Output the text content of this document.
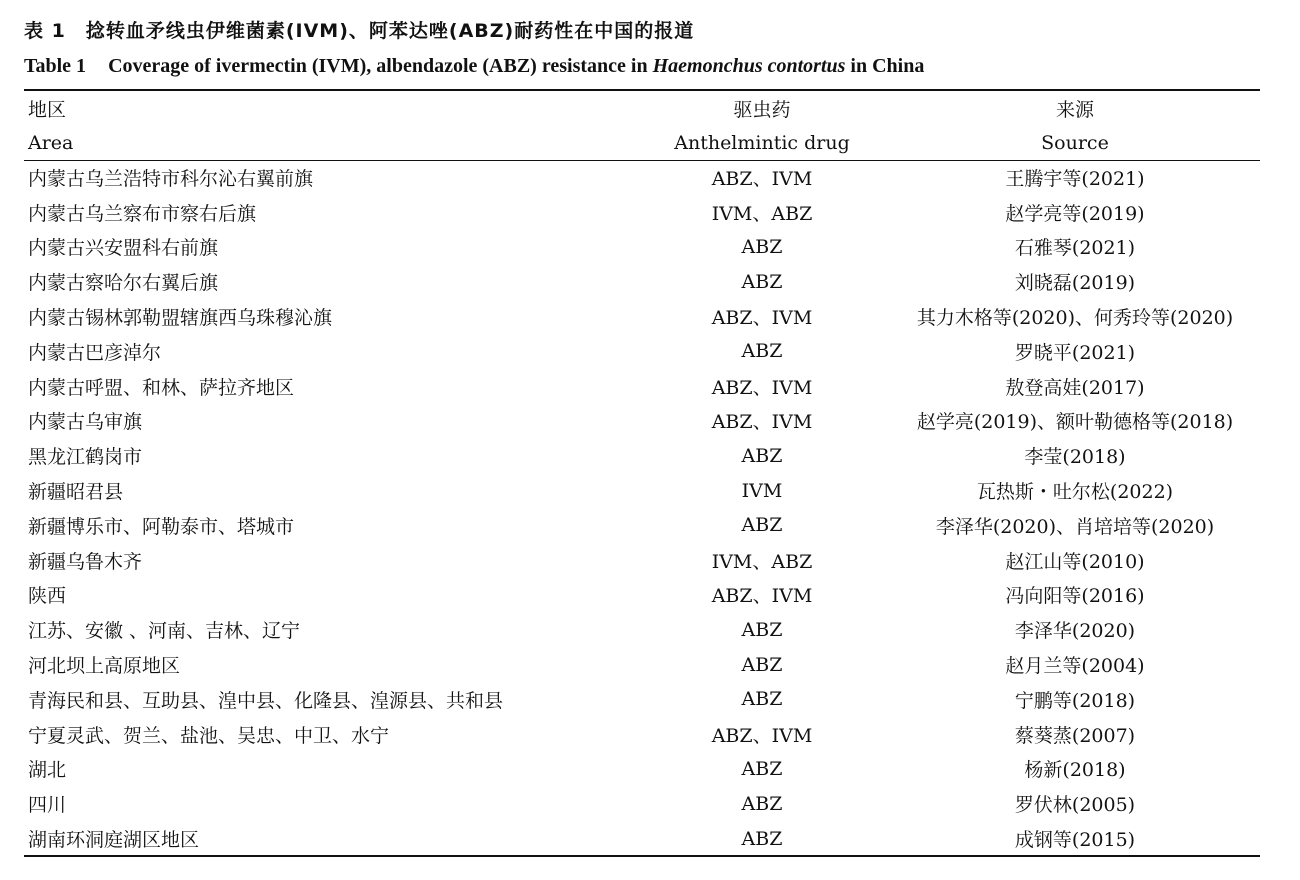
表 1　捻转血矛线虫伊维菌素(IVM)、阿苯达唑(ABZ)耐药性在中国的报道
Table 1 Coverage of ivermectin (IVM), albendazole (ABZ) resistance in Haemonchus contortus in China
地区	驱虫药	来源
Area	Anthelmintic drug	Source
内蒙古乌兰浩特市科尔沁右翼前旗	ABZ、IVM	王腾宇等(2021)
内蒙古乌兰察布市察右后旗	IVM、ABZ	赵学亮等(2019)
内蒙古兴安盟科右前旗	ABZ	石雅琴(2021)
内蒙古察哈尔右翼后旗	ABZ	刘晓磊(2019)
内蒙古锡林郭勒盟辖旗西乌珠穆沁旗	ABZ、IVM	其力木格等(2020)、何秀玲等(2020)
内蒙古巴彦淖尔	ABZ	罗晓平(2021)
内蒙古呼盟、和林、萨拉齐地区	ABZ、IVM	敖登高娃(2017)
内蒙古乌审旗	ABZ、IVM	赵学亮(2019)、额叶勒德格等(2018)
黑龙江鹤岗市	ABZ	李莹(2018)
新疆昭君县	IVM	瓦热斯・吐尔松(2022)
新疆博乐市、阿勒泰市、塔城市	ABZ	李泽华(2020)、肖培培等(2020)
新疆乌鲁木齐	IVM、ABZ	赵江山等(2010)
陕西	ABZ、IVM	冯向阳等(2016)
江苏、安徽 、河南、吉林、辽宁	ABZ	李泽华(2020)
河北坝上高原地区	ABZ	赵月兰等(2004)
青海民和县、互助县、湟中县、化隆县、湟源县、共和县	ABZ	宁鹏等(2018)
宁夏灵武、贺兰、盐池、吴忠、中卫、水宁	ABZ、IVM	蔡葵蒸(2007)
湖北	ABZ	杨新(2018)
四川	ABZ	罗伏林(2005)
湖南环洞庭湖区地区	ABZ	成钢等(2015)
